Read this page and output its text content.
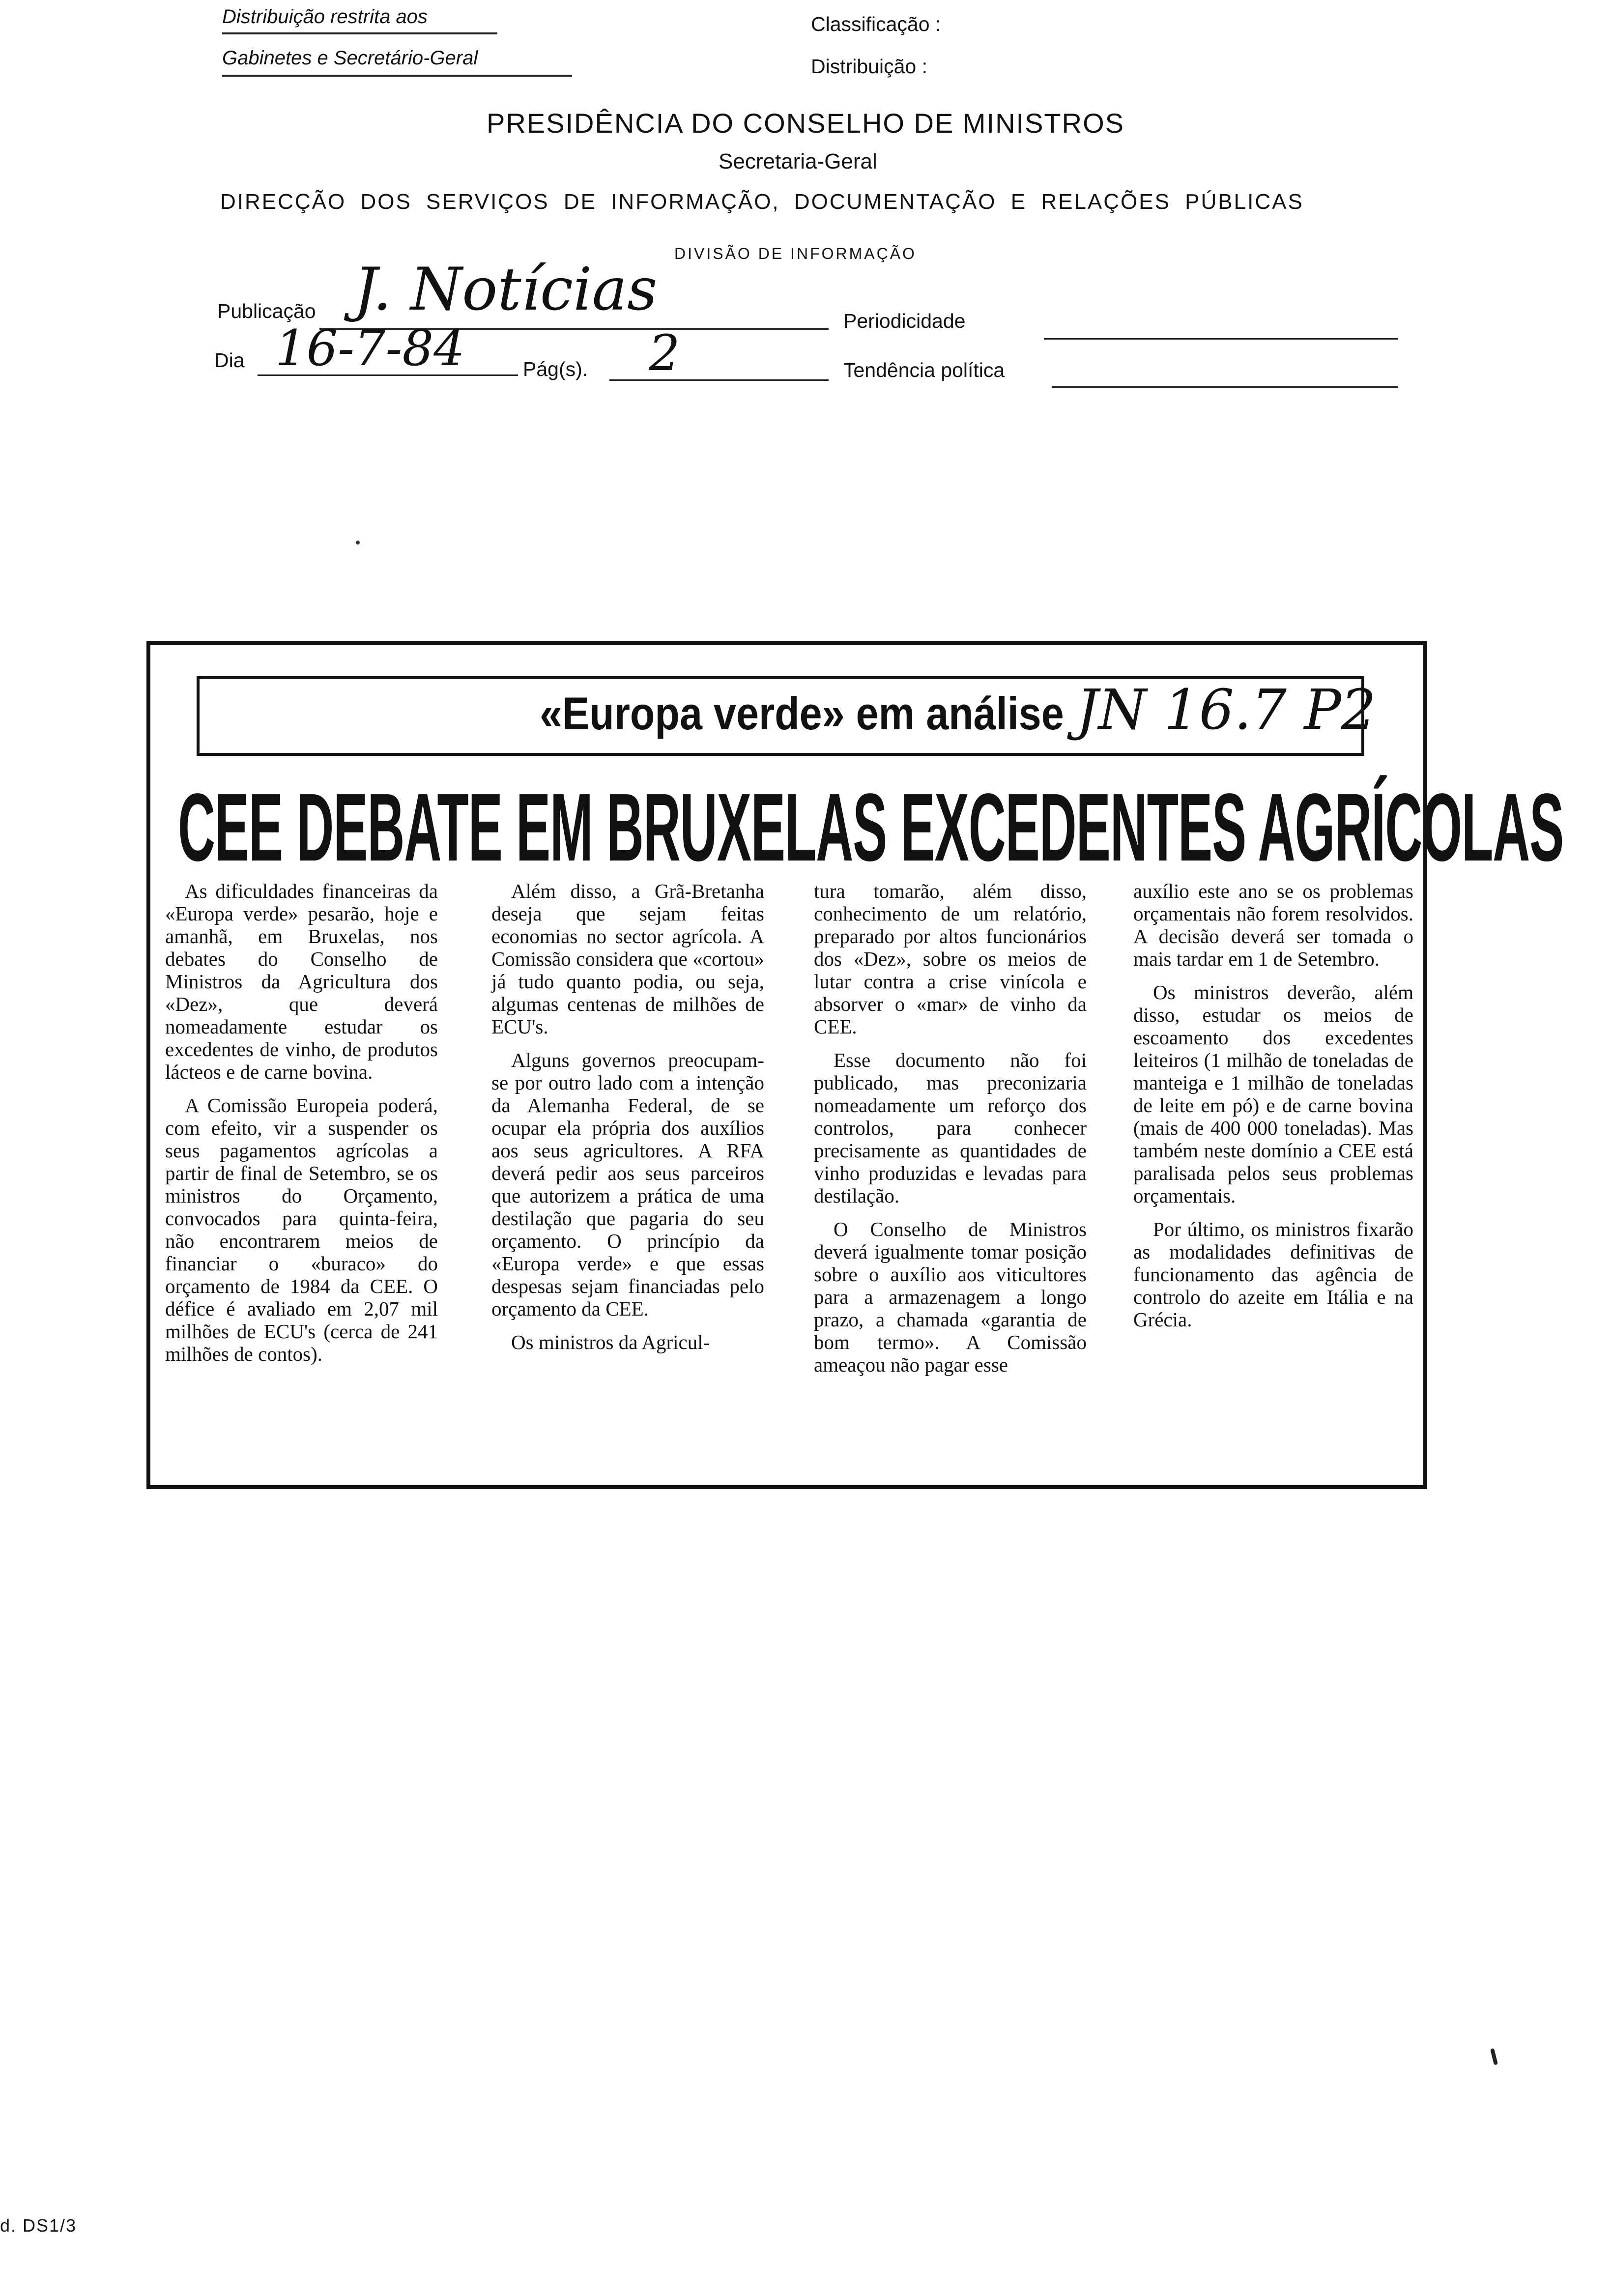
Distribuição restrita aos
Gabinetes e Secretário-Geral
Classificação :
Distribuição :
PRESIDÊNCIA DO CONSELHO DE MINISTROS
Secretaria-Geral
DIRECÇÃO DOS SERVIÇOS DE INFORMAÇÃO, DOCUMENTAÇÃO E RELAÇÕES PÚBLICAS
DIVISÃO DE INFORMAÇÃO
Publicação J. Notícias
Dia 16-7-84	Pág(s). 2
Periodicidade
Tendência política
«Europa verde» em análise JN 16.7 P2
CEE DEBATE EM BRUXELAS EXCEDENTES AGRÍCOLAS

As dificuldades financeiras da «Europa verde» pesarão, hoje e amanhã, em Bruxelas, nos debates do Conselho de Ministros da Agricultura dos «Dez», que deverá nomeadamente estudar os excedentes de vinho, de produtos lácteos e de carne bovina.

A Comissão Europeia poderá, com efeito, vir a suspender os seus pagamentos agrícolas a partir de final de Setembro, se os ministros do Orçamento, convocados para quinta-feira, não encontrarem meios de financiar o «buraco» do orçamento de 1984 da CEE. O défice é avaliado em 2,07 mil milhões de ECU's (cerca de 241 milhões de contos).

Além disso, a Grã-Bretanha deseja que sejam feitas economias no sector agrícola. A Comissão considera que «cortou» já tudo quanto podia, ou seja, algumas centenas de milhões de ECU's.

Alguns governos preocupam-se por outro lado com a intenção da Alemanha Federal, de se ocupar ela própria dos auxílios aos seus agricultores. A RFA deverá pedir aos seus parceiros que autorizem a prática de uma destilação que pagaria do seu orçamento. O princípio da «Europa verde» e que essas despesas sejam financiadas pelo orçamento da CEE.

Os ministros da Agricul-

tura tomarão, além disso, conhecimento de um relatório, preparado por altos funcionários dos «Dez», sobre os meios de lutar contra a crise vinícola e absorver o «mar» de vinho da CEE.

Esse documento não foi publicado, mas preconizaria nomeadamente um reforço dos controlos, para conhecer precisamente as quantidades de vinho produzidas e levadas para destilação.

O Conselho de Ministros deverá igualmente tomar posição sobre o auxílio aos viticultores para a armazenagem a longo prazo, a chamada «garantia de bom termo». A Comissão ameaçou não pagar esse

auxílio este ano se os problemas orçamentais não forem resolvidos. A decisão deverá ser tomada o mais tardar em 1 de Setembro.

Os ministros deverão, além disso, estudar os meios de escoamento dos excedentes leiteiros (1 milhão de toneladas de manteiga e 1 milhão de toneladas de leite em pó) e de carne bovina (mais de 400 000 toneladas). Mas também neste domínio a CEE está paralisada pelos seus problemas orçamentais.

Por último, os ministros fixarão as modalidades definitivas de funcionamento das agência de controlo do azeite em Itália e na Grécia.

d. DS1/3
